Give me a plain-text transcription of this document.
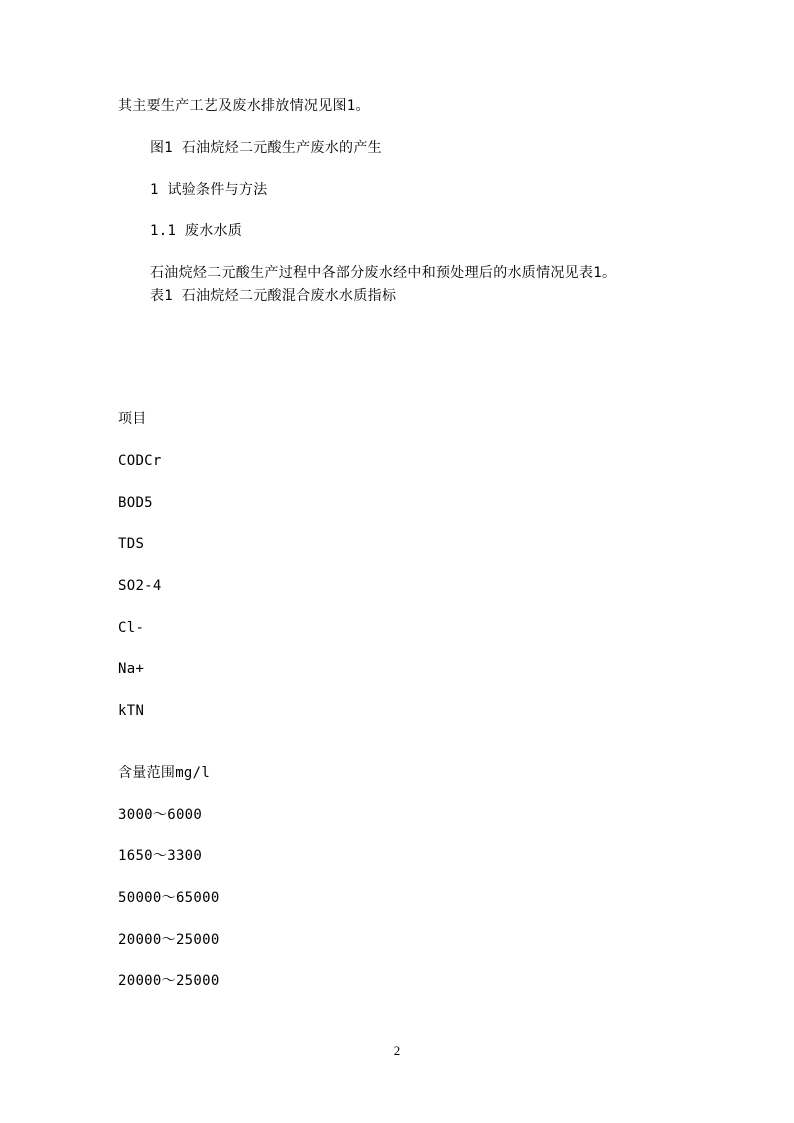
其主要生产工艺及废水排放情况见图1。
图1 石油烷烃二元酸生产废水的产生
1 试验条件与方法
1.1 废水水质
石油烷烃二元酸生产过程中各部分废水经中和预处理后的水质情况见表1。
表1 石油烷烃二元酸混合废水水质指标
项目
CODCr
BOD5
TDS
SO2-4
Cl-
Na+
kTN
含量范围mg/l
3000～6000
1650～3300
50000～65000
20000～25000
20000～25000
2
